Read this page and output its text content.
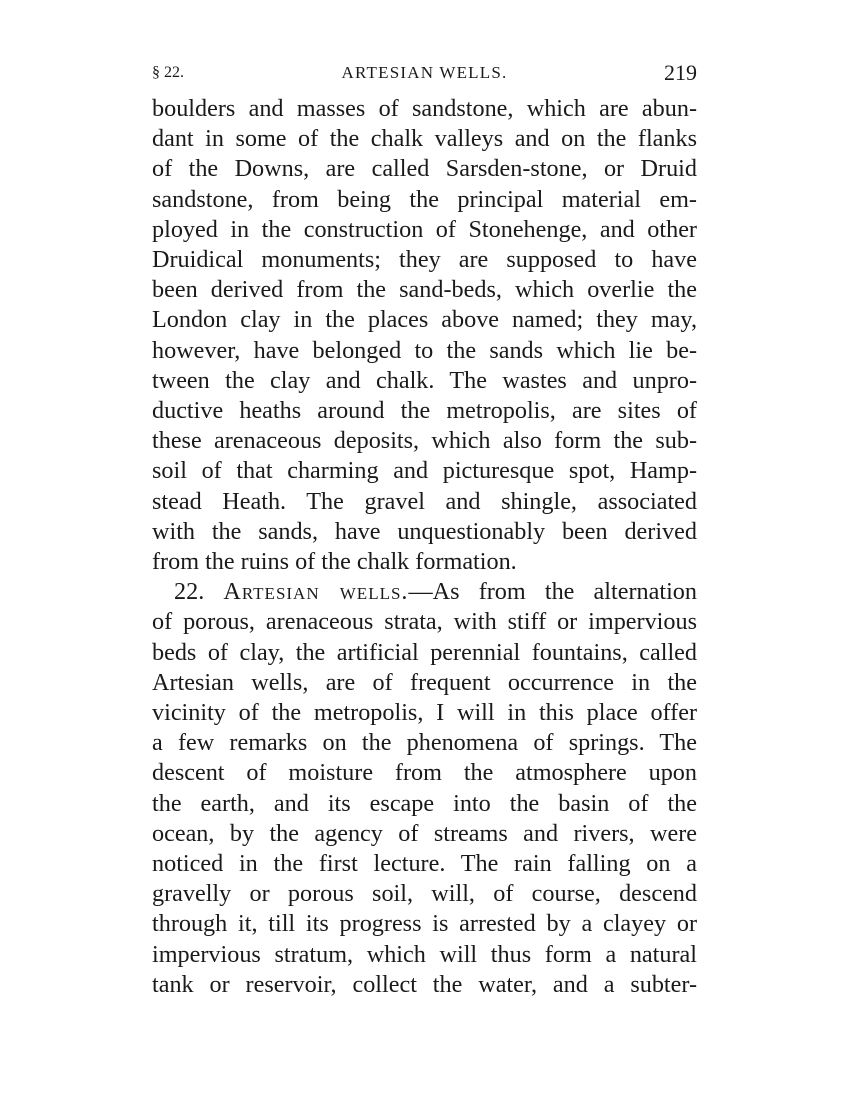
§ 22.	ARTESIAN WELLS.	219
boulders and masses of sandstone, which are abun-
dant in some of the chalk valleys and on the flanks
of the Downs, are called Sarsden-stone, or Druid
sandstone, from being the principal material em-
ployed in the construction of Stonehenge, and other
Druidical monuments; they are supposed to have
been derived from the sand-beds, which overlie the
London clay in the places above named; they may,
however, have belonged to the sands which lie be-
tween the clay and chalk. The wastes and unpro-
ductive heaths around the metropolis, are sites of
these arenaceous deposits, which also form the sub-
soil of that charming and picturesque spot, Hamp-
stead Heath. The gravel and shingle, associated
with the sands, have unquestionably been derived
from the ruins of the chalk formation.
22. Artesian wells.—As from the alternation
of porous, arenaceous strata, with stiff or impervious
beds of clay, the artificial perennial fountains, called
Artesian wells, are of frequent occurrence in the
vicinity of the metropolis, I will in this place offer
a few remarks on the phenomena of springs. The
descent of moisture from the atmosphere upon
the earth, and its escape into the basin of the
ocean, by the agency of streams and rivers, were
noticed in the first lecture. The rain falling on a
gravelly or porous soil, will, of course, descend
through it, till its progress is arrested by a clayey or
impervious stratum, which will thus form a natural
tank or reservoir, collect the water, and a subter-
